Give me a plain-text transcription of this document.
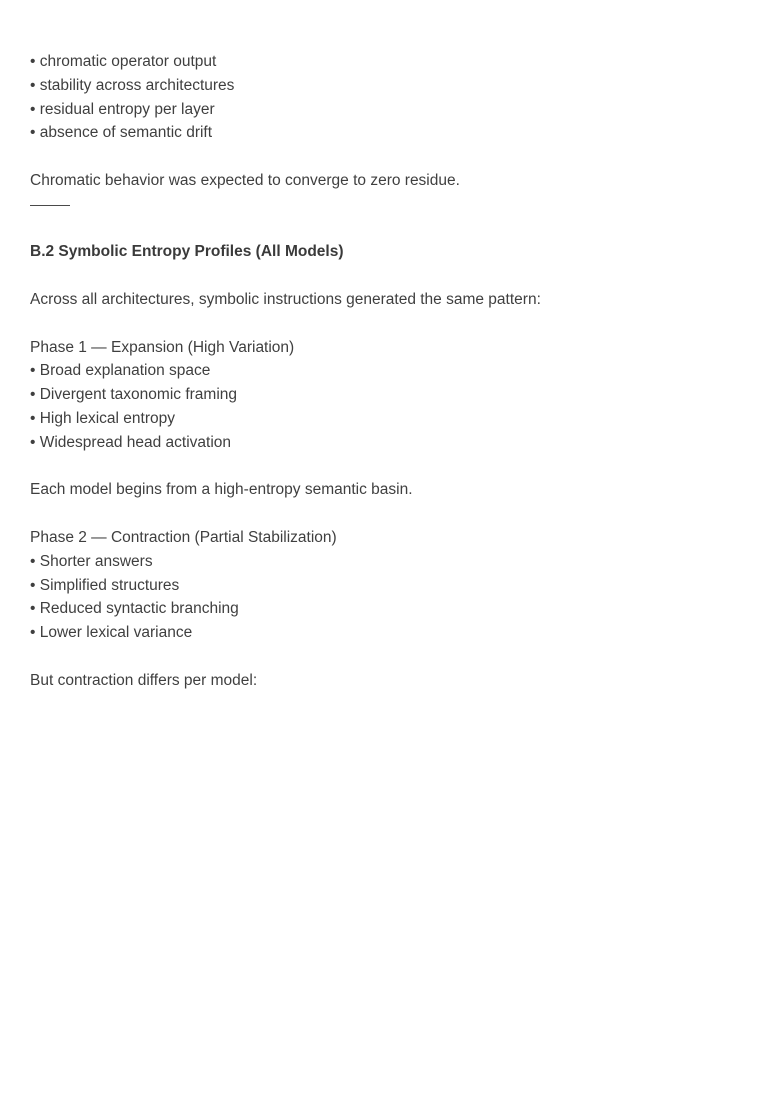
• chromatic operator output
• stability across architectures
• residual entropy per layer
• absence of semantic drift
Chromatic behavior was expected to converge to zero residue.
B.2 Symbolic Entropy Profiles (All Models)
Across all architectures, symbolic instructions generated the same pattern:
Phase 1 — Expansion (High Variation)
• Broad explanation space
• Divergent taxonomic framing
• High lexical entropy
• Widespread head activation
Each model begins from a high-entropy semantic basin.
Phase 2 — Contraction (Partial Stabilization)
• Shorter answers
• Simplified structures
• Reduced syntactic branching
• Lower lexical variance
But contraction differs per model:
